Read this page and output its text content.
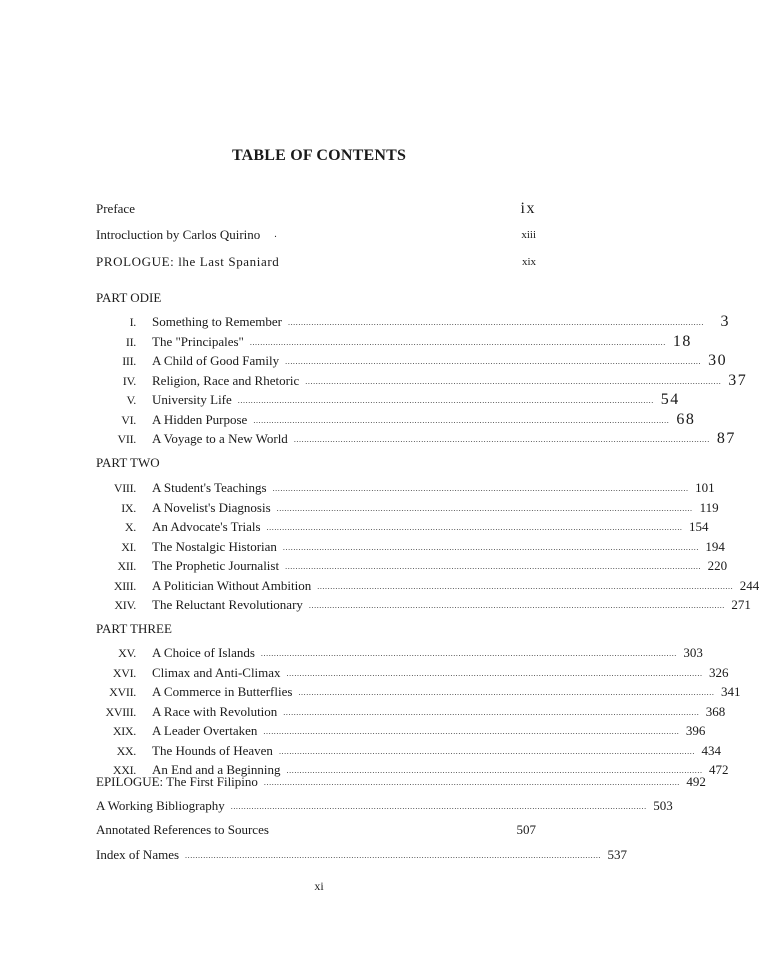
TABLE OF CONTENTS
Preface	ix
Introcluction by Carlos Quirino .	xiii
PROLOGUE: lhe Last Spaniard	xix
PART ODIE
I. Something to Remember ................................................................................................................................................................	3
II. The "Principales" ................................................................................................................................................................ 18
III. A Child of Good Family ................................................................................................................................................................ 30
IV. Religion, Race and Rhetoric ................................................................................................................................................................ 37
V. University Life ................................................................................................................................................................ 54
VI. A Hidden Purpose ................................................................................................................................................................ 68
VII. A Voyage to a New World ................................................................................................................................................................ 87
PART TWO
VIII. A Student's Teachings ................................................................................................................................................................ 101
IX. A Novelist's Diagnosis ................................................................................................................................................................ 119
X. An Advocate's Trials ................................................................................................................................................................ 154
XI. The Nostalgic Historian ................................................................................................................................................................ 194
XII. The Prophetic Journalist ................................................................................................................................................................ 220
XIII. A Politician Without Ambition ................................................................................................................................................................ 244
XIV. The Reluctant Revolutionary ................................................................................................................................................................ 271
PART THREE
XV. A Choice of Islands ................................................................................................................................................................ 303
XVI. Climax and Anti-Climax ................................................................................................................................................................ 326
XVII. A Commerce in Butterflies ................................................................................................................................................................ 341
XVIII. A Race with Revolution ................................................................................................................................................................ 368
XIX. A Leader Overtaken ................................................................................................................................................................ 396
XX. The Hounds of Heaven ................................................................................................................................................................ 434
XXI. An End and a Beginning ................................................................................................................................................................ 472
EPILOGUE: The First Filipino ................................................................................................................................................................ 492
A Working Bibliography ................................................................................................................................................................ 503
Annotated References to Sources	507
Index of Names ................................................................................................................................................................ 537
xi
